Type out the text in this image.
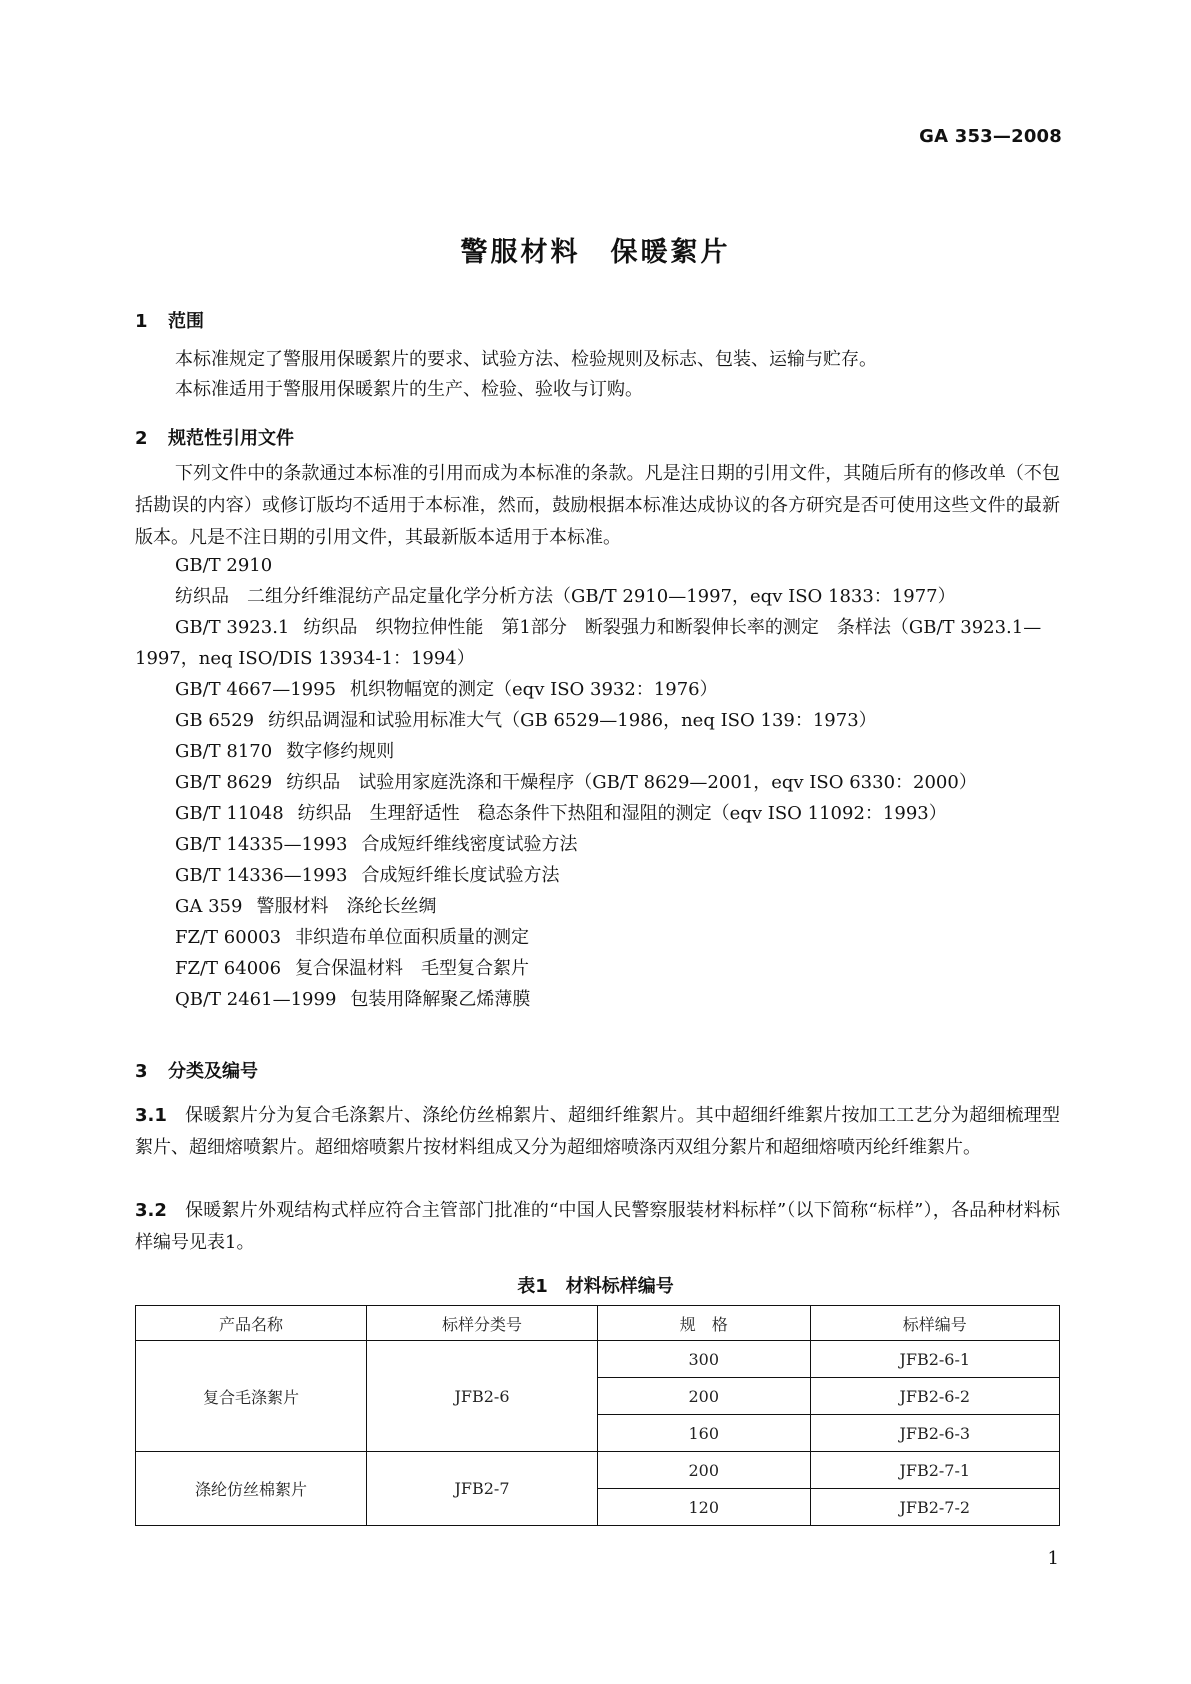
GA 353—2008
警服材料　保暖絮片
1 范围
本标准规定了警服用保暖絮片的要求、试验方法、检验规则及标志、包装、运输与贮存。
本标准适用于警服用保暖絮片的生产、检验、验收与订购。
2 规范性引用文件
下列文件中的条款通过本标准的引用而成为本标准的条款。凡是注日期的引用文件，其随后所有的修改单（不包括勘误的内容）或修订版均不适用于本标准，然而，鼓励根据本标准达成协议的各方研究是否可使用这些文件的最新版本。凡是不注日期的引用文件，其最新版本适用于本标准。
GB/T 2910纺织品　二组分纤维混纺产品定量化学分析方法（GB/T 2910—1997，eqv ISO 1833：1977）
GB/T 3923.1 纺织品　织物拉伸性能　第1部分　断裂强力和断裂伸长率的测定　条样法（GB/T 3923.1—1997，neq ISO/DIS 13934-1：1994）
GB/T 4667—1995 机织物幅宽的测定（eqv ISO 3932：1976）
GB 6529 纺织品调湿和试验用标准大气（GB 6529—1986，neq ISO 139：1973）
GB/T 8170 数字修约规则
GB/T 8629 纺织品　试验用家庭洗涤和干燥程序（GB/T 8629—2001，eqv ISO 6330：2000）
GB/T 11048 纺织品　生理舒适性　稳态条件下热阻和湿阻的测定（eqv ISO 11092：1993）
GB/T 14335—1993 合成短纤维线密度试验方法
GB/T 14336—1993 合成短纤维长度试验方法
GA 359 警服材料　涤纶长丝绸
FZ/T 60003 非织造布单位面积质量的测定
FZ/T 64006 复合保温材料　毛型复合絮片
QB/T 2461—1999 包装用降解聚乙烯薄膜
3 分类及编号
3.1 保暖絮片分为复合毛涤絮片、涤纶仿丝棉絮片、超细纤维絮片。其中超细纤维絮片按加工工艺分为超细梳理型絮片、超细熔喷絮片。超细熔喷絮片按材料组成又分为超细熔喷涤丙双组分絮片和超细熔喷丙纶纤维絮片。
3.2 保暖絮片外观结构式样应符合主管部门批准的“中国人民警察服装材料标样”（以下简称“标样”），各品种材料标样编号见表1。
表1　材料标样编号
产品名称	标样分类号	规　格	标样编号
复合毛涤絮片	JFB2-6	300	JFB2-6-1
		200	JFB2-6-2
		160	JFB2-6-3
涤纶仿丝棉絮片	JFB2-7	200	JFB2-7-1
		120	JFB2-7-2
1
